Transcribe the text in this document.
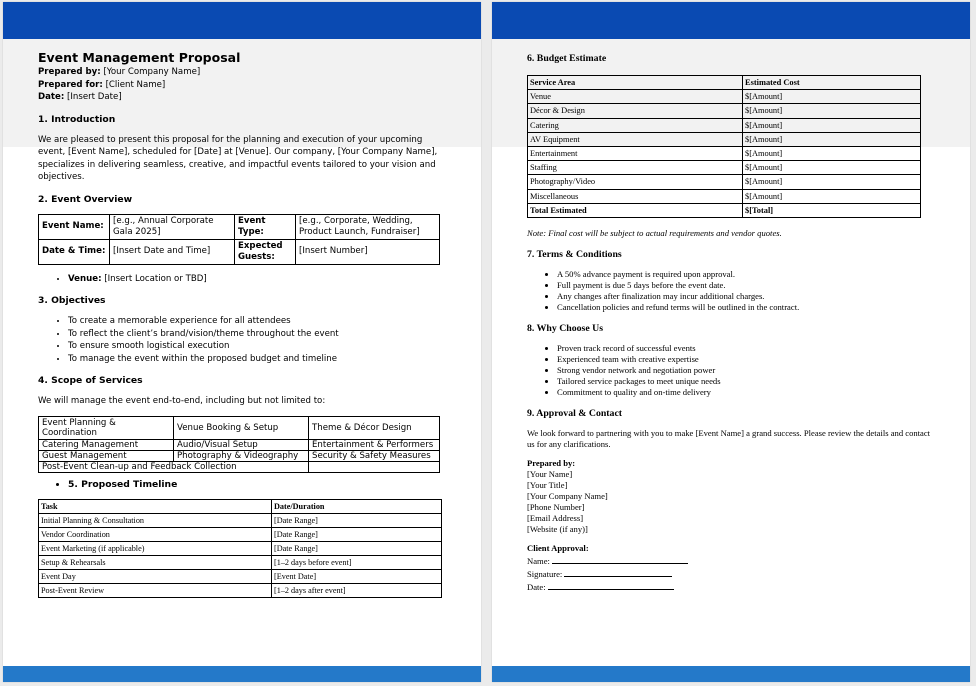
Event Management Proposal
Prepared by: [Your Company Name]
Prepared for: [Client Name]
Date: [Insert Date]
1. Introduction

We are pleased to present this proposal for the planning and execution of your upcoming event, [Event Name], scheduled for [Date] at [Venue]. Our company, [Your Company Name], specializes in delivering seamless, creative, and impactful events tailored to your vision and objectives.

2. Event Overview
Event Name:	[e.g., Annual Corporate Gala 2025]	Event Type:	[e.g., Corporate, Wedding, Product Launch, Fundraiser]
Date & Time:	[Insert Date and Time]	Expected Guests:	[Insert Number]
• Venue: [Insert Location or TBD]
3. Objectives
• To create a memorable experience for all attendees
• To reflect the client’s brand/vision/theme throughout the event
• To ensure smooth logistical execution
• To manage the event within the proposed budget and timeline
4. Scope of Services

We will manage the event end-to-end, including but not limited to:

Event Planning & Coordination	Venue Booking & Setup	Theme & Décor Design
Catering Management	Audio/Visual Setup	Entertainment & Performers
Guest Management	Photography & Videography	Security & Safety Measures
Post-Event Clean-up and Feedback Collection		
• 5. Proposed Timeline
Task	Date/Duration
Initial Planning & Consultation	[Date Range]
Vendor Coordination	[Date Range]
Event Marketing (if applicable)	[Date Range]
Setup & Rehearsals	[1–2 days before event]
Event Day	[Event Date]
Post-Event Review	[1–2 days after event]
6. Budget Estimate
Service Area	Estimated Cost
Venue	$[Amount]
Décor & Design	$[Amount]
Catering	$[Amount]
AV Equipment	$[Amount]
Entertainment	$[Amount]
Staffing	$[Amount]
Photography/Video	$[Amount]
Miscellaneous	$[Amount]
Total Estimated	$[Total]

Note: Final cost will be subject to actual requirements and vendor quotes.

7. Terms & Conditions
• A 50% advance payment is required upon approval.
• Full payment is due 5 days before the event date.
• Any changes after finalization may incur additional charges.
• Cancellation policies and refund terms will be outlined in the contract.
8. Why Choose Us
• Proven track record of successful events
• Experienced team with creative expertise
• Strong vendor network and negotiation power
• Tailored service packages to meet unique needs
• Commitment to quality and on-time delivery
9. Approval & Contact

We look forward to partnering with you to make [Event Name] a grand success. Please review the details and contact us for any clarifications.

Prepared by:
[Your Name]
[Your Title]
[Your Company Name]
[Phone Number]
[Email Address]
[Website (if any)]
Client Approval:
Name:
Signature:
Date:
